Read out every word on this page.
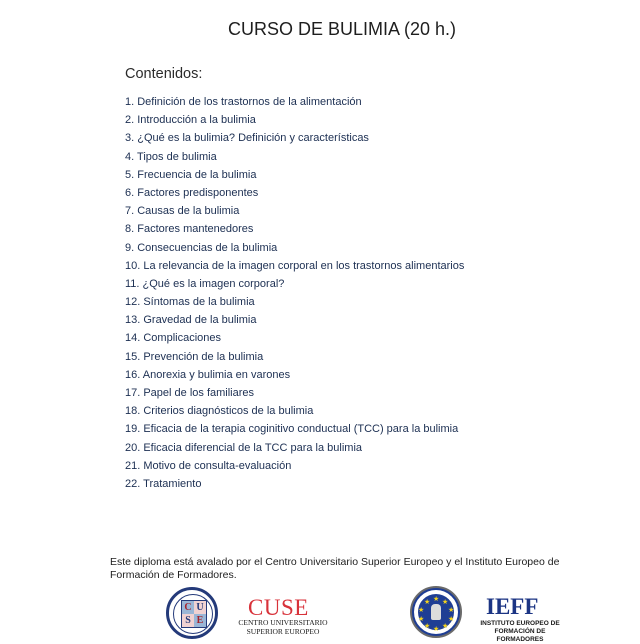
CURSO DE BULIMIA (20 h.)
Contenidos:
1. Definición de los trastornos de la alimentación
2. Introducción a la bulimia
3. ¿Qué es la bulimia? Definición y características
4. Tipos de bulimia
5. Frecuencia de la bulimia
6. Factores predisponentes
7. Causas de la bulimia
8. Factores mantenedores
9. Consecuencias de la bulimia
10. La relevancia de la imagen corporal en los trastornos alimentarios
11. ¿Qué es la imagen corporal?
12. Síntomas de la bulimia
13. Gravedad de la bulimia
14. Complicaciones
15. Prevención de la bulimia
16. Anorexia y bulimia en varones
17. Papel de los familiares
18. Criterios diagnósticos de la bulimia
19. Eficacia de la terapia coginitivo conductual (TCC) para la bulimia
20. Eficacia diferencial de la TCC para la bulimia
21. Motivo de consulta-evaluación
22. Tratamiento
Este diploma está avalado por el Centro Universitario Superior Europeo y el Instituto Europeo de Formación de Formadores.
C U
S E
CUSE
CENTRO UNIVERSITARIO
SUPERIOR EUROPEO
★ ★
★
★
★
★
★
★
★
★ IEFF
INSTITUTO EUROPEO DE
FORMACIÓN DE FORMADORES
